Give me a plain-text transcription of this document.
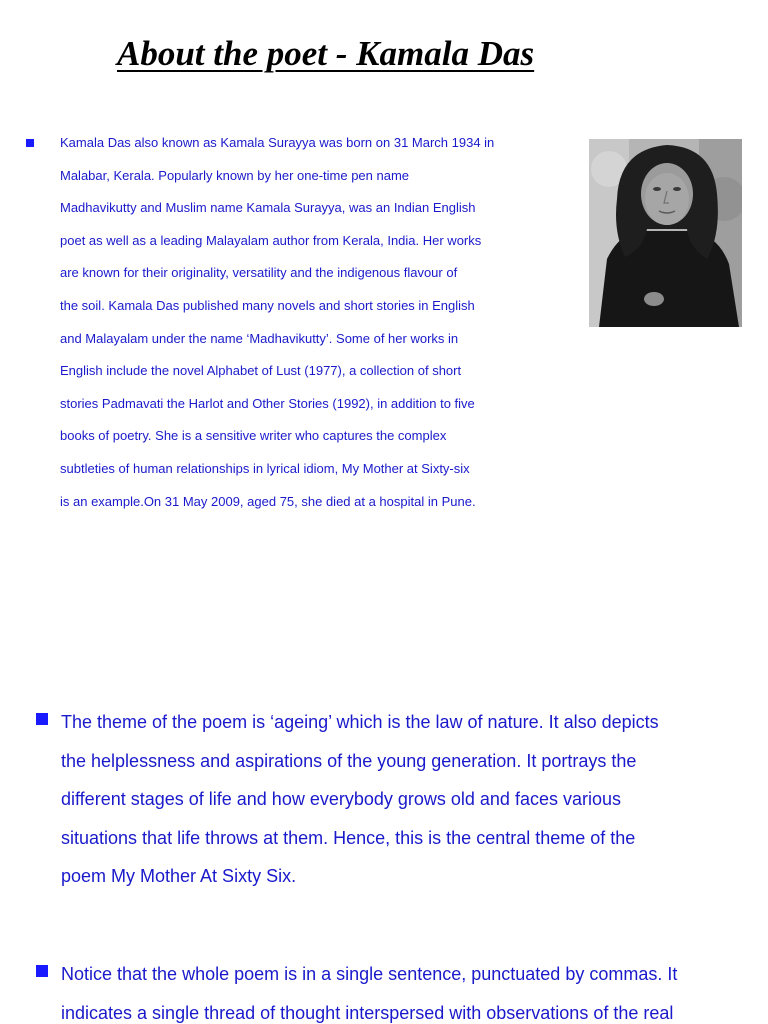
About the poet - Kamala Das

Kamala Das also known as Kamala Surayya was born on 31 March 1934 in
Malabar, Kerala. Popularly known by her one-time pen name
Madhavikutty and Muslim name Kamala Surayya, was an Indian English
poet as well as a leading Malayalam author from Kerala, India. Her works
are known for their originality, versatility and the indigenous flavour of
the soil. Kamala Das published many novels and short stories in English
and Malayalam under the name ‘Madhavikutty’. Some of her works in
English include the novel Alphabet of Lust (1977), a collection of short
stories Padmavati the Harlot and Other Stories (1992), in addition to five
books of poetry. She is a sensitive writer who captures the complex
subtleties of human relationships in lyrical idiom, My Mother at Sixty-six
is an example.On 31 May 2009, aged 75, she died at a hospital in Pune.

The theme of the poem is ‘ageing’ which is the law of nature. It also depicts
the helplessness and aspirations of the young generation. It portrays the
different stages of life and how everybody grows old and faces various
situations that life throws at them. Hence, this is the central theme of the
poem My Mother At Sixty Six.

Notice that the whole poem is in a single sentence, punctuated by commas. It
indicates a single thread of thought interspersed with observations of the real
